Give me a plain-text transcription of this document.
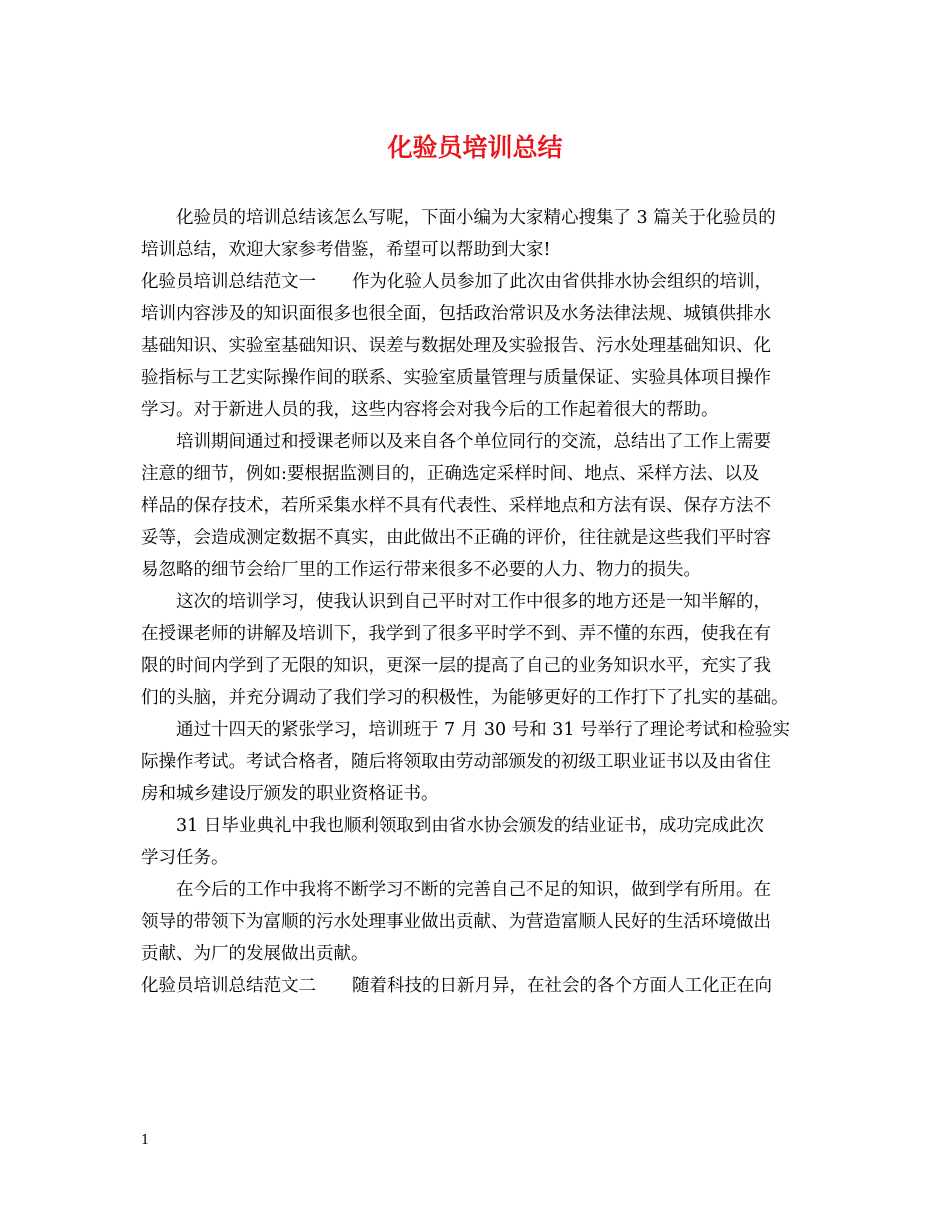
化验员培训总结
化验员的培训总结该怎么写呢，下面小编为大家精心搜集了 3 篇关于化验员的
培训总结，欢迎大家参考借鉴，希望可以帮助到大家!
化验员培训总结范文一 作为化验人员参加了此次由省供排水协会组织的培训，
培训内容涉及的知识面很多也很全面，包括政治常识及水务法律法规、城镇供排水
基础知识、实验室基础知识、误差与数据处理及实验报告、污水处理基础知识、化
验指标与工艺实际操作间的联系、实验室质量管理与质量保证、实验具体项目操作
学习。对于新进人员的我，这些内容将会对我今后的工作起着很大的帮助。
培训期间通过和授课老师以及来自各个单位同行的交流，总结出了工作上需要
注意的细节，例如:要根据监测目的，正确选定采样时间、地点、采样方法、以及
样品的保存技术，若所采集水样不具有代表性、采样地点和方法有误、保存方法不
妥等，会造成测定数据不真实，由此做出不正确的评价，往往就是这些我们平时容
易忽略的细节会给厂里的工作运行带来很多不必要的人力、物力的损失。
这次的培训学习，使我认识到自己平时对工作中很多的地方还是一知半解的，
在授课老师的讲解及培训下，我学到了很多平时学不到、弄不懂的东西，使我在有
限的时间内学到了无限的知识，更深一层的提高了自己的业务知识水平，充实了我
们的头脑，并充分调动了我们学习的积极性，为能够更好的工作打下了扎实的基础。
通过十四天的紧张学习，培训班于 7 月 30 号和 31 号举行了理论考试和检验实
际操作考试。考试合格者，随后将领取由劳动部颁发的初级工职业证书以及由省住
房和城乡建设厅颁发的职业资格证书。
31 日毕业典礼中我也顺利领取到由省水协会颁发的结业证书，成功完成此次
学习任务。
在今后的工作中我将不断学习不断的完善自己不足的知识，做到学有所用。在
领导的带领下为富顺的污水处理事业做出贡献、为营造富顺人民好的生活环境做出
贡献、为厂的发展做出贡献。
化验员培训总结范文二 随着科技的日新月异，在社会的各个方面人工化正在向
1
